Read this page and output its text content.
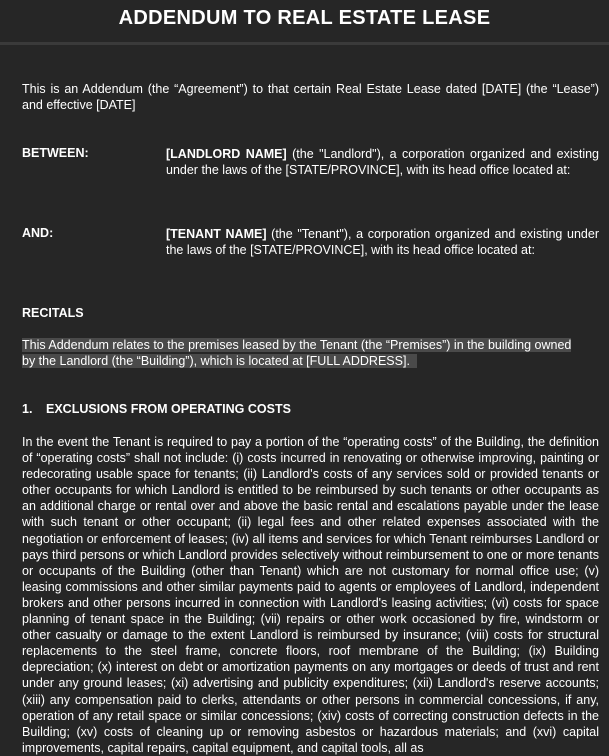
ADDENDUM TO REAL ESTATE LEASE
This is an Addendum (the “Agreement”) to that certain Real Estate Lease dated [DATE] (the “Lease”) and effective [DATE]
BETWEEN:	[LANDLORD NAME] (the "Landlord"), a corporation organized and existing under the laws of the [STATE/PROVINCE], with its head office located at:
AND:	[TENANT NAME] (the "Tenant"), a corporation organized and existing under the laws of the [STATE/PROVINCE], with its head office located at:
RECITALS
This Addendum relates to the premises leased by the Tenant (the “Premises”) in the building owned
by the Landlord (the “Building”), which is located at [FULL ADDRESS].
1. EXCLUSIONS FROM OPERATING COSTS
In the event the Tenant is required to pay a portion of the “operating costs” of the Building, the definition of “operating costs” shall not include: (i) costs incurred in renovating or otherwise improving, painting or redecorating usable space for tenants; (ii) Landlord's costs of any services sold or provided tenants or other occupants for which Landlord is entitled to be reimbursed by such tenants or other occupants as an additional charge or rental over and above the basic rental and escalations payable under the lease with such tenant or other occupant; (ii) legal fees and other related expenses associated with the negotiation or enforcement of leases; (iv) all items and services for which Tenant reimburses Landlord or pays third persons or which Landlord provides selectively without reimbursement to one or more tenants or occupants of the Building (other than Tenant) which are not customary for normal office use; (v) leasing commissions and other similar payments paid to agents or employees of Landlord, independent brokers and other persons incurred in connection with Landlord's leasing activities; (vi) costs for space planning of tenant space in the Building; (vii) repairs or other work occasioned by fire, windstorm or other casualty or damage to the extent Landlord is reimbursed by insurance; (viii) costs for structural replacements to the steel frame, concrete floors, roof membrane of the Building; (ix) Building depreciation; (x) interest on debt or amortization payments on any mortgages or deeds of trust and rent under any ground leases; (xi) advertising and publicity expenditures; (xii) Landlord's reserve accounts; (xiii) any compensation paid to clerks, attendants or other persons in commercial concessions, if any, operation of any retail space or similar concessions; (xiv) costs of correcting construction defects in the Building; (xv) costs of cleaning up or removing asbestos or hazardous materials; and (xvi) capital improvements, capital repairs, capital equipment, and capital tools, all as
